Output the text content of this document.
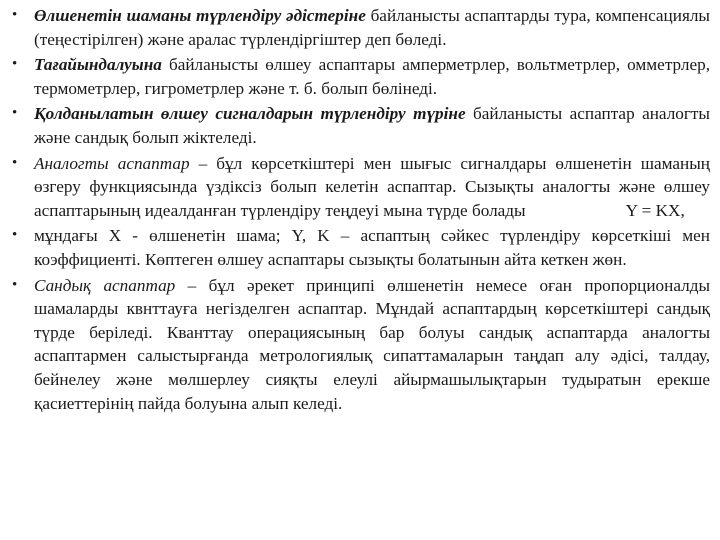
• Өлшенетін шаманы түрлендіру әдістеріне байланысты аспаптарды тура, компенсациялы (теңестірілген) және аралас түрлендіргіштер деп бөледі.
• Тағайындалуына байланысты өлшеу аспаптары амперметрлер, вольтметрлер, омметрлер, термометрлер, гигрометрлер және т. б. болып бөлінеді.
• Қолданылатын өлшеу сигналдарын түрлендіру түріне байланысты аспаптар аналогты және сандық болып жіктеледі.
• Аналогты аспаптар – бұл көрсеткіштері мен шығыс сигналдары өлшенетін шаманың өзгеру функциясында үздіксіз болып келетін аспаптар. Сызықты аналогты және өлшеу аспаптарының идеалданған түрлендіру теңдеуі мына түрде болады	Y = KX,
• мұндағы X - өлшенетін шама; Y, K – аспаптың сәйкес түрлендіру көрсеткіші мен коэффициенті. Көптеген өлшеу аспаптары сызықты болатынын айта кеткен жөн.
• Сандық аспаптар – бұл әрекет принципі өлшенетін немесе оған пропорционалды шамаларды квнттауға негізделген аспаптар. Мұндай аспаптардың көрсеткіштері сандық түрде беріледі. Кванттау операциясының бар болуы сандық аспаптарда аналогты аспаптармен салыстырғанда метрологиялық сипаттамаларын таңдап алу әдісі, талдау, бейнелеу және мөлшерлеу сияқты елеулі айырмашылықтарын тудыратын ерекше қасиеттерінің пайда болуына алып келеді.
